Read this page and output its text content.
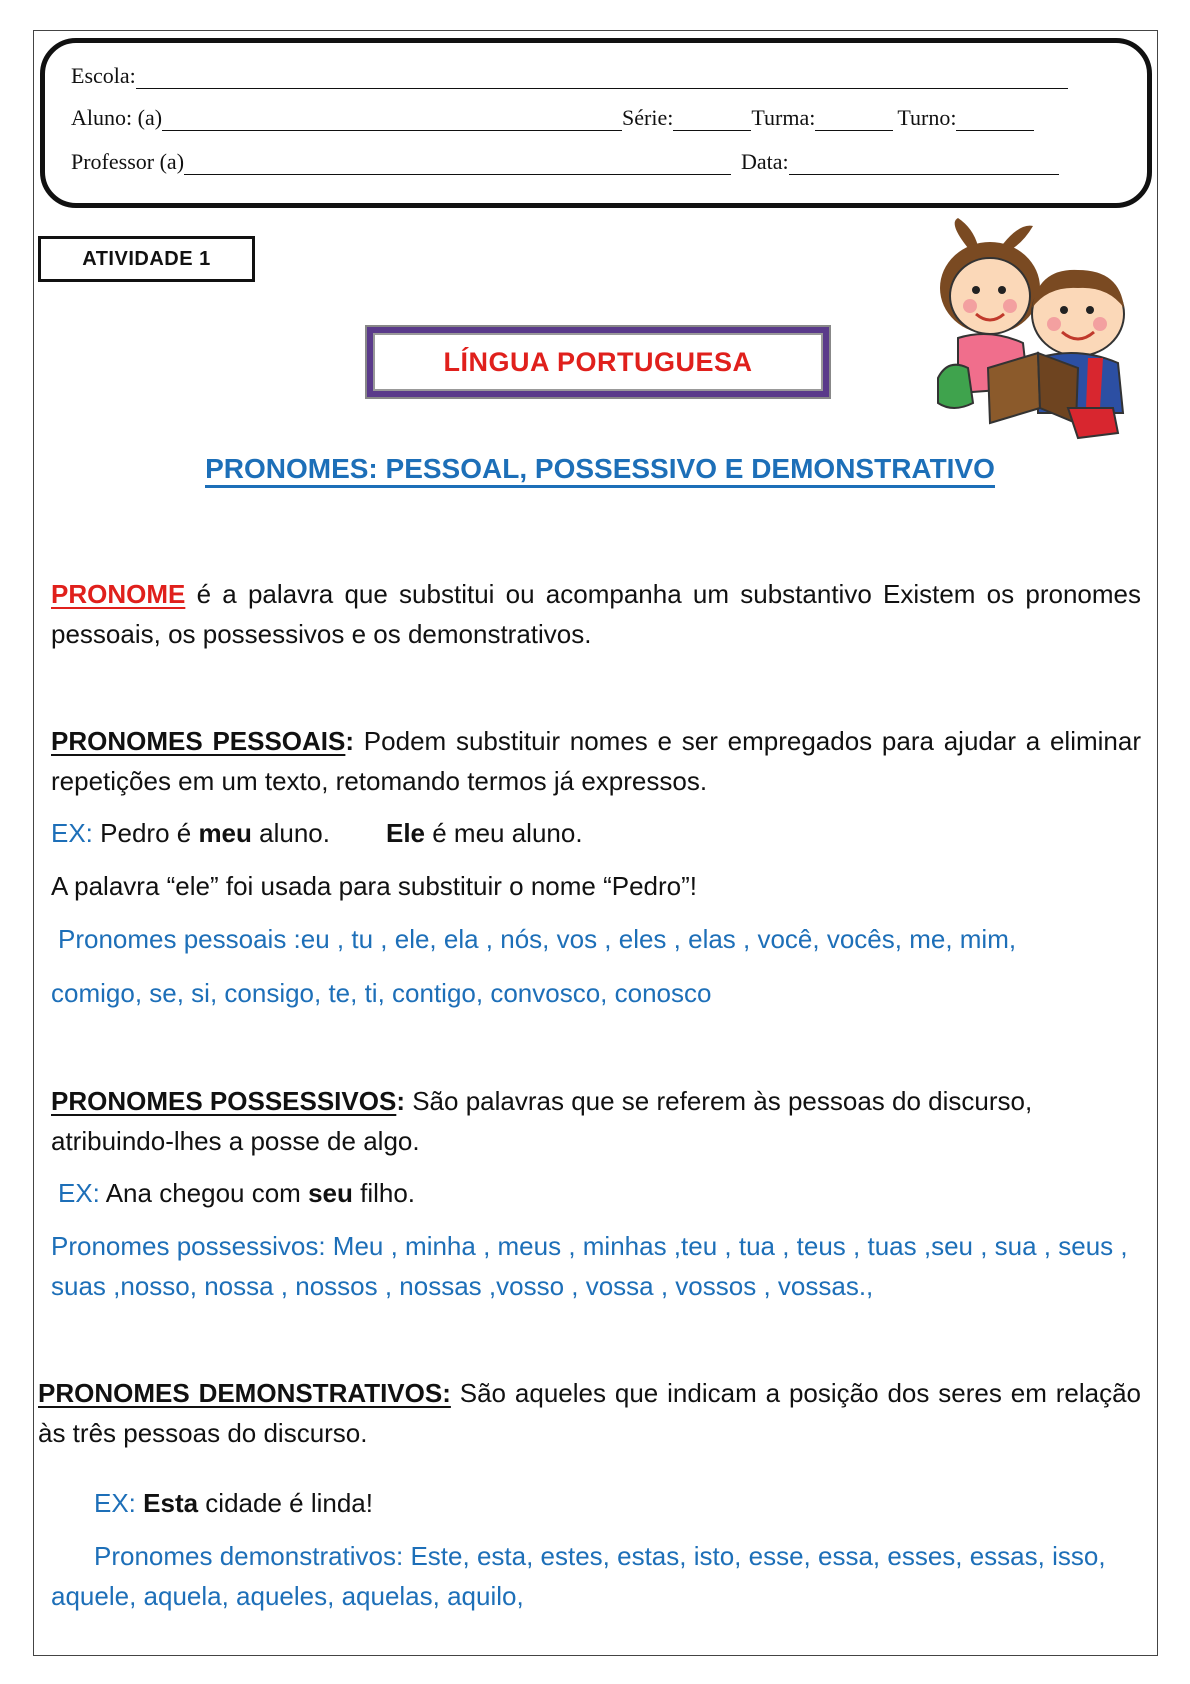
Escola:
Aluno: (a)	Série:	Turma:	Turno:
Professor (a)	Data:
ATIVIDADE 1
LÍNGUA PORTUGUESA
PRONOMES: PESSOAL, POSSESSIVO E DEMONSTRATIVO
PRONOME é a palavra que substitui ou acompanha um substantivo Existem os pronomes pessoais, os possessivos e os demonstrativos.
PRONOMES PESSOAIS: Podem substituir nomes e ser empregados para ajudar a eliminar repetições em um texto, retomando termos já expressos.
EX: Pedro é meu aluno. Ele é meu aluno.
A palavra “ele” foi usada para substituir o nome “Pedro”!
Pronomes pessoais :eu , tu , ele, ela , nós, vos , eles , elas , você, vocês, me, mim,
comigo, se, si, consigo, te, ti, contigo, convosco, conosco
PRONOMES POSSESSIVOS: São palavras que se referem às pessoas do discurso, atribuindo-lhes a posse de algo.
EX: Ana chegou com seu filho.
Pronomes possessivos: Meu , minha , meus , minhas ,teu , tua , teus , tuas ,seu , sua , seus , suas ,nosso, nossa , nossos , nossas ,vosso , vossa , vossos , vossas.,
PRONOMES DEMONSTRATIVOS: São aqueles que indicam a posição dos seres em relação às três pessoas do discurso.
EX: Esta cidade é linda!
Pronomes demonstrativos: Este, esta, estes, estas, isto, esse, essa, esses, essas, isso, aquele, aquela, aqueles, aquelas, aquilo,
